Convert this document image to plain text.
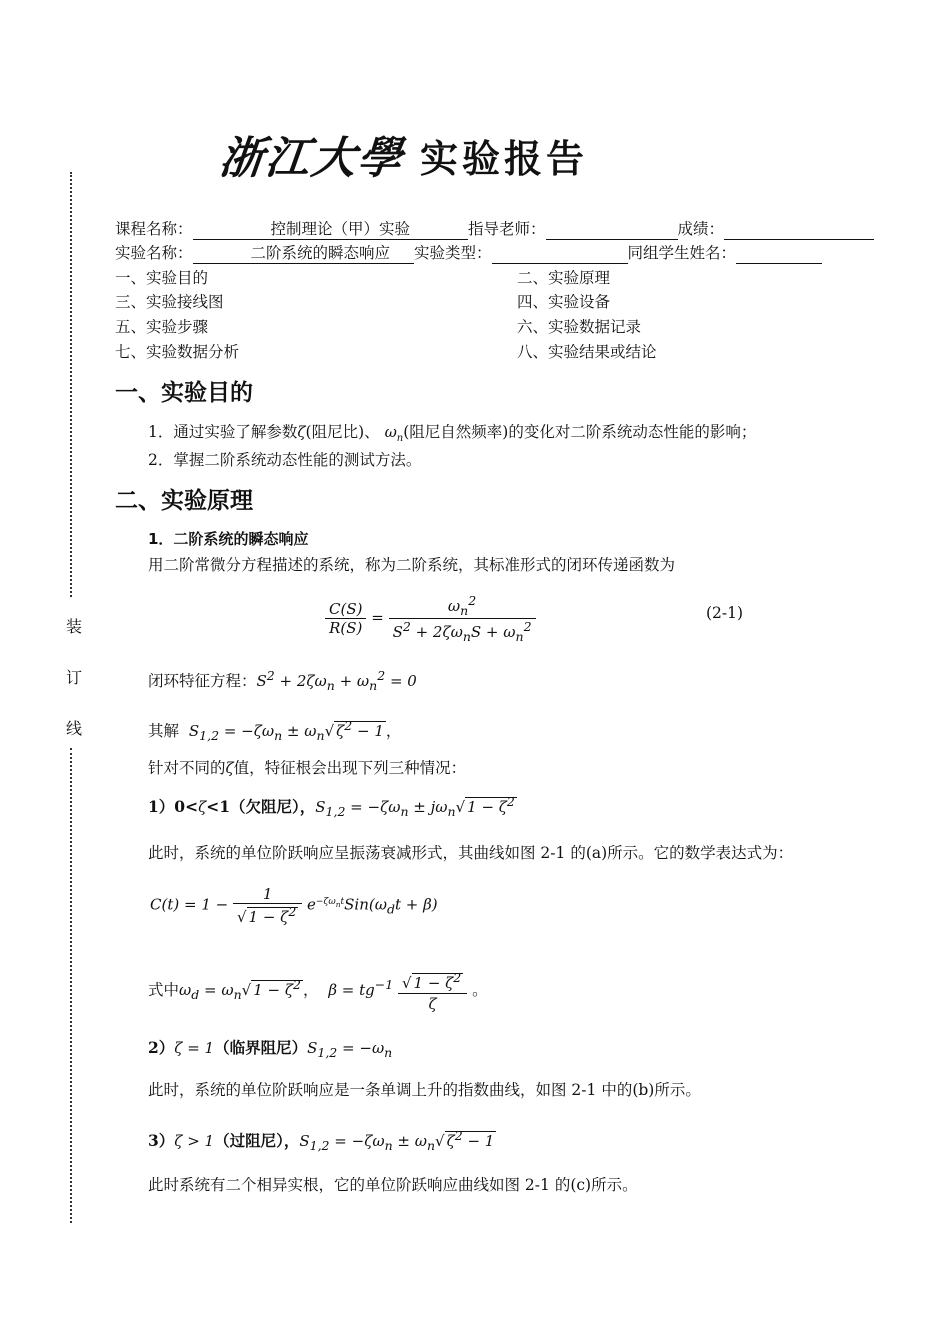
浙江大學 实验报告
装
订
线
课程名称：	控制理论（甲）实验	指导老师：	成绩：
实验名称：	二阶系统的瞬态响应 实验类型：	同组学生姓名：
一、实验目的	二、实验原理
三、实验接线图	四、实验设备
五、实验步骤	六、实验数据记录
七、实验数据分析	八、实验结果或结论
一、实验目的
1．通过实验了解参数ζ(阻尼比)、 $\omega_n$(阻尼自然频率)的变化对二阶系统动态性能的影响；
2．掌握二阶系统动态性能的测试方法。
二、实验原理
1．二阶系统的瞬态响应
用二阶常微分方程描述的系统，称为二阶系统，其标准形式的闭环传递函数为
$\frac{C(S)}{R(S)} = \frac{\omega_n^2}{S^2 + 2\zeta\omega_nS + \omega_n^2}$	(2-1)
闭环特征方程：$S^2 + 2\zeta\omega_n + \omega_n^2 = 0$
其解 $S_{1,2} = -\zeta\omega_n \pm \omega_n√$ $\zeta^2 - 1$ ，
针对不同的ζ值，特征根会出现下列三种情况：
1）0<ζ<1（欠阻尼），$S_{1,2} = -\zeta\omega_n \pm j\omega_n√$ $1 - \zeta^2$
此时，系统的单位阶跃响应呈振荡衰减形式，其曲线如图 2-1 的(a)所示。它的数学表达式为：
$C(t) = 1 - \frac{1}{√ 1 - \zeta^2} e^{-\zeta\omega_nt}Sin(\omega_dt + \beta)$
式中$\omega_d = \omega_n√$ $1 - \zeta^2$ ，  $\beta = tg^{-1} \frac{√ 1 - \zeta^2}{\zeta}$ 。
2）ζ = 1（临界阻尼）$S_{1,2} = -\omega_n$
此时，系统的单位阶跃响应是一条单调上升的指数曲线，如图 2-1 中的(b)所示。
3）ζ > 1（过阻尼），$S_{1,2} = -\zeta\omega_n \pm \omega_n√$ $\zeta^2 - 1$
此时系统有二个相异实根，它的单位阶跃响应曲线如图 2-1 的(c)所示。
